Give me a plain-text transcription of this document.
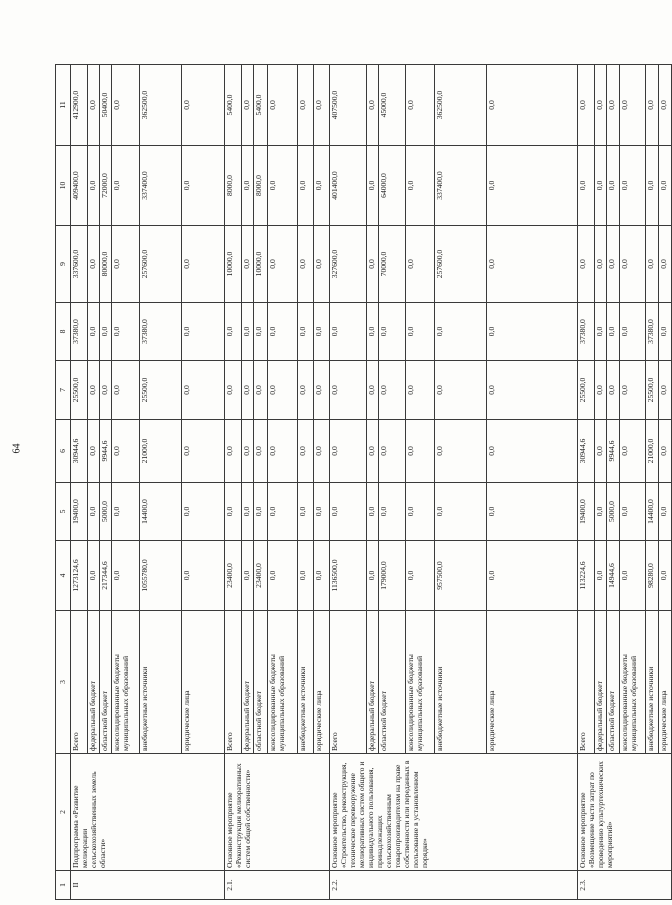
64
1	2	3	4	5	6	7	8	9	10	11
II	Подпрограмма «Развитие мелиорации сельскохозяйственных земель области»	Всего	1273124,6	19400,0	30944,6	25500,0	37380,0	337600,0	409400,0	412900,0
		федеральный бюджет	0,0	0,0	0,0	0,0	0,0	0,0	0,0	0,0
		областной бюджет	217344,6	5000,0	9944,6	0,0	0,0	80000,0	72000,0	50400,0
		консолидированные бюджеты муниципальных образований	0,0	0,0	0,0	0,0	0,0	0,0	0,0	0,0
		внебюджетные источники	1055780,0	14400,0	21000,0	25500,0	37380,0	257600,0	337400,0	362500,0
		юридические лица	0,0	0,0	0,0	0,0	0,0	0,0	0,0	0,0
2.1.	Основное мероприятие «Реконструкция мелиоративных систем общей собственности»	Всего	23400,0	0,0	0,0	0,0	0,0	10000,0	8000,0	5400,0
		федеральный бюджет	0,0	0,0	0,0	0,0	0,0	0,0	0,0	0,0
		областной бюджет	23400,0	0,0	0,0	0,0	0,0	10000,0	8000,0	5400,0
		консолидированные бюджеты муниципальных образований	0,0	0,0	0,0	0,0	0,0	0,0	0,0	0,0
		внебюджетные источники	0,0	0,0	0,0	0,0	0,0	0,0	0,0	0,0
		юридические лица	0,0	0,0	0,0	0,0	0,0	0,0	0,0	0,0
2.2.	Основное мероприятие «Строительство, реконструкция, техническое перевооружение мелиоративных систем общего и индивидуального пользования, принадлежащих сельскохозяйственным товаропроизводителям на праве собственности или переданных в пользование в установленном порядке»	Всего	1136500,0	0,0	0,0	0,0	0,0	327600,0	401400,0	407500,0
		федеральный бюджет	0,0	0,0	0,0	0,0	0,0	0,0	0,0	0,0
		областной бюджет	179000,0	0,0	0,0	0,0	0,0	70000,0	64000,0	45000,0
		консолидированные бюджеты муниципальных образований	0,0	0,0	0,0	0,0	0,0	0,0	0,0	0,0
		внебюджетные источники	957500,0	0,0	0,0	0,0	0,0	257600,0	337400,0	362500,0
		юридические лица	0,0	0,0	0,0	0,0	0,0	0,0	0,0	0,0
2.3.	Основное мероприятие «Возмещение части затрат по проведению культуртехнических мероприятий»	Всего	113224,6	19400,0	30944,6	25500,0	37380,0	0,0	0,0	0,0
		федеральный бюджет	0,0	0,0	0,0	0,0	0,0	0,0	0,0	0,0
		областной бюджет	14944,6	5000,0	9944,6	0,0	0,0	0,0	0,0	0,0
		консолидированные бюджеты муниципальных образований	0,0	0,0	0,0	0,0	0,0	0,0	0,0	0,0
		внебюджетные источники	98280,0	14400,0	21000,0	25500,0	37380,0	0,0	0,0	0,0
		юридические лица	0,0	0,0	0,0	0,0	0,0	0,0	0,0	0,0
